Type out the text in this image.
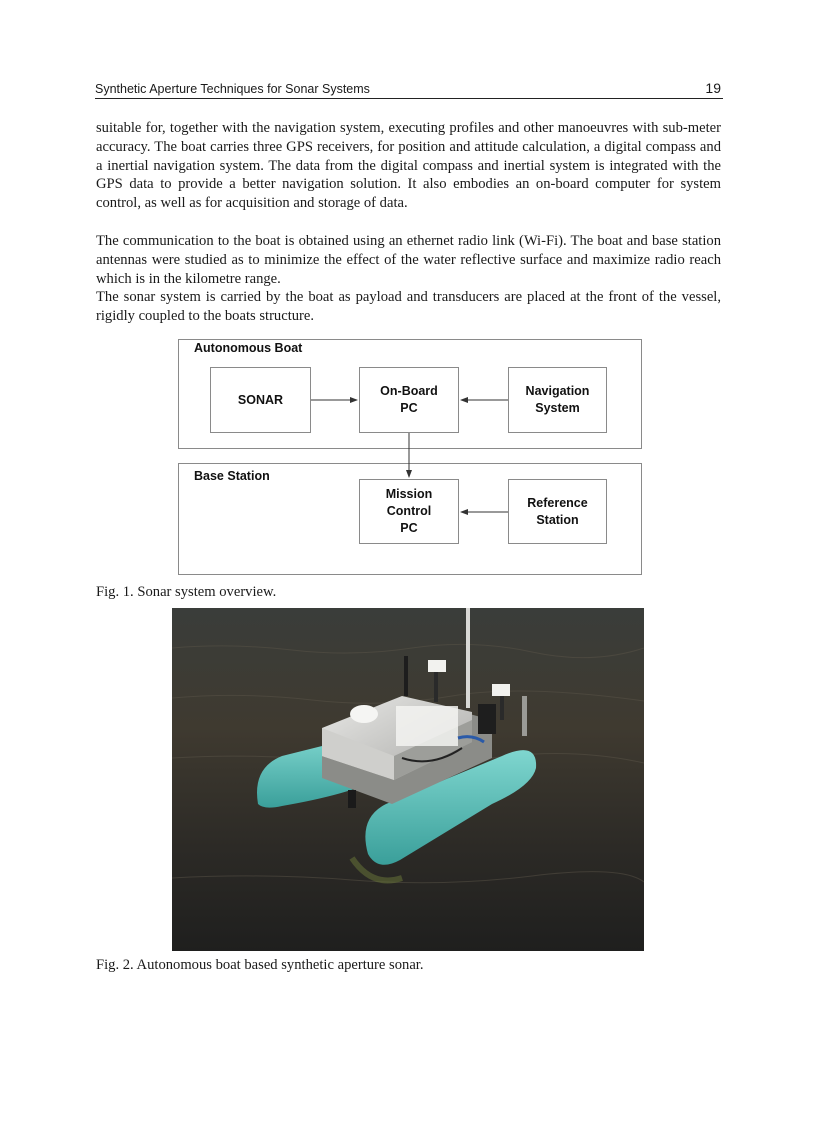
Synthetic Aperture Techniques for Sonar Systems	19

suitable for, together with the navigation system, executing profiles and other manoeuvres with sub-meter accuracy. The boat carries three GPS receivers, for position and attitude calculation, a digital compass and a inertial navigation system. The data from the digital compass and inertial system is integrated with the GPS data to provide a better navigation solution. It also embodies an on-board computer for system control, as well as for acquisition and storage of data.

The communication to the boat is obtained using an ethernet radio link (Wi-Fi). The boat and base station antennas were studied as to minimize the effect of the water reflective surface and maximize radio reach which is in the kilometre range.

The sonar system is carried by the boat as payload and transducers are placed at the front of the vessel, rigidly coupled to the boats structure.

Autonomous Boat
Base Station
SONAR
On-Board
PC
Navigation
System
Mission
Control
PC
Reference
Station
Fig. 1. Sonar system overview.
Fig. 2. Autonomous boat based synthetic aperture sonar.
